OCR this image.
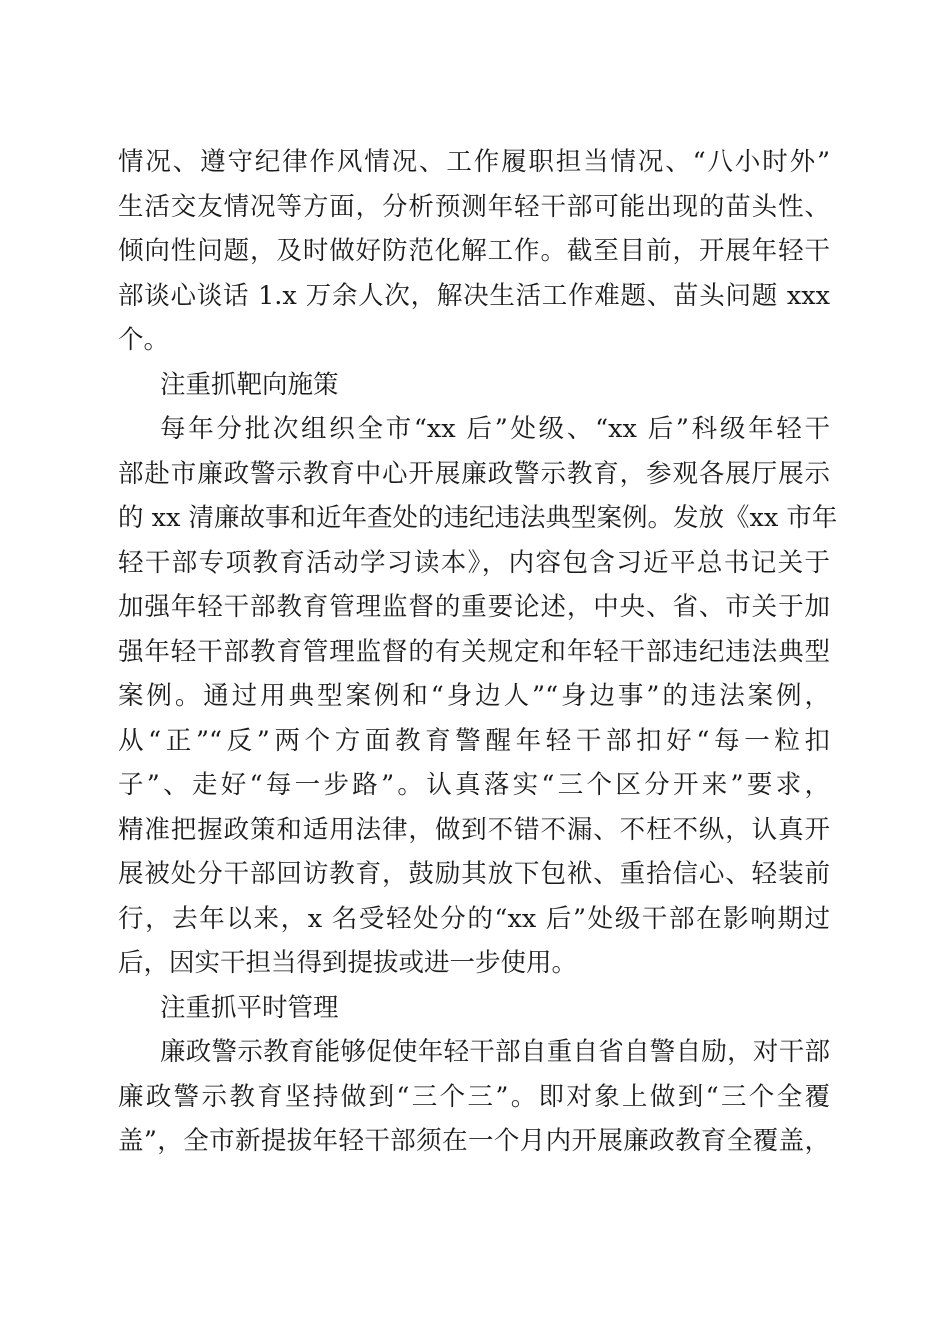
情况、遵守纪律作风情况、工作履职担当情况、“八小时外”
生活交友情况等方面，分析预测年轻干部可能出现的苗头性、
倾向性问题，及时做好防范化解工作。截至目前，开展年轻干
部谈心谈话 1.x 万余人次，解决生活工作难题、苗头问题 xxx
个。
注重抓靶向施策
每年分批次组织全市“xx 后”处级、“xx 后”科级年轻干
部赴市廉政警示教育中心开展廉政警示教育，参观各展厅展示
的 xx 清廉故事和近年查处的违纪违法典型案例。发放《xx 市年
轻干部专项教育活动学习读本》，内容包含习近平总书记关于
加强年轻干部教育管理监督的重要论述，中央、省、市关于加
强年轻干部教育管理监督的有关规定和年轻干部违纪违法典型
案例。通过用典型案例和“身边人”“身边事”的违法案例，
从“正”“反”两个方面教育警醒年轻干部扣好“每一粒扣
子”、走好“每一步路”。认真落实“三个区分开来”要求，
精准把握政策和适用法律，做到不错不漏、不枉不纵，认真开
展被处分干部回访教育，鼓励其放下包袱、重拾信心、轻装前
行，去年以来，x 名受轻处分的“xx 后”处级干部在影响期过
后，因实干担当得到提拔或进一步使用。
注重抓平时管理
廉政警示教育能够促使年轻干部自重自省自警自励，对干部
廉政警示教育坚持做到“三个三”。即对象上做到“三个全覆
盖”，全市新提拔年轻干部须在一个月内开展廉政教育全覆盖，
